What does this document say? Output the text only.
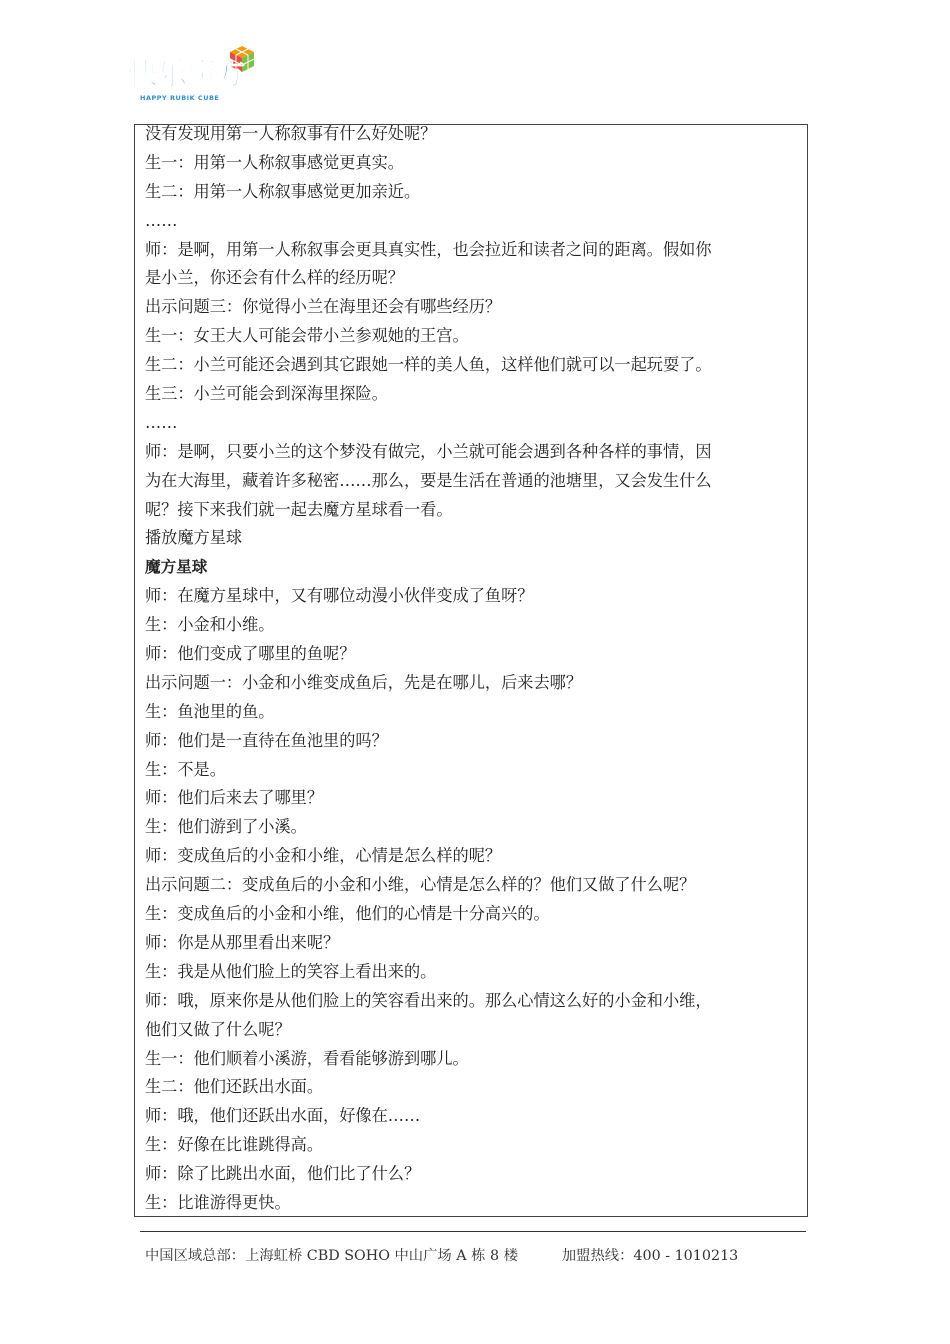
快乐魔方
HAPPY RUBIK CUBE
没有发现用第一人称叙事有什么好处呢？
生一：用第一人称叙事感觉更真实。
生二：用第一人称叙事感觉更加亲近。
……
师：是啊，用第一人称叙事会更具真实性，也会拉近和读者之间的距离。假如你
是小兰，你还会有什么样的经历呢？
出示问题三：你觉得小兰在海里还会有哪些经历？
生一：女王大人可能会带小兰参观她的王宫。
生二：小兰可能还会遇到其它跟她一样的美人鱼，这样他们就可以一起玩耍了。
生三：小兰可能会到深海里探险。
……
师：是啊，只要小兰的这个梦没有做完，小兰就可能会遇到各种各样的事情，因
为在大海里，藏着许多秘密……那么，要是生活在普通的池塘里，又会发生什么
呢？接下来我们就一起去魔方星球看一看。
播放魔方星球
魔方星球
师：在魔方星球中，又有哪位动漫小伙伴变成了鱼呀？
生：小金和小维。
师：他们变成了哪里的鱼呢？
出示问题一：小金和小维变成鱼后，先是在哪儿，后来去哪？
生：鱼池里的鱼。
师：他们是一直待在鱼池里的吗？
生：不是。
师：他们后来去了哪里？
生：他们游到了小溪。
师：变成鱼后的小金和小维，心情是怎么样的呢？
出示问题二：变成鱼后的小金和小维，心情是怎么样的？他们又做了什么呢？
生：变成鱼后的小金和小维，他们的心情是十分高兴的。
师：你是从那里看出来呢？
生：我是从他们脸上的笑容上看出来的。
师：哦，原来你是从他们脸上的笑容看出来的。那么心情这么好的小金和小维，
他们又做了什么呢？
生一：他们顺着小溪游，看看能够游到哪儿。
生二：他们还跃出水面。
师：哦，他们还跃出水面，好像在……
生：好像在比谁跳得高。
师：除了比跳出水面，他们比了什么？
生：比谁游得更快。
中国区域总部：上海虹桥 CBD SOHO 中山广场 A 栋 8 楼	加盟热线：400 - 1010213
